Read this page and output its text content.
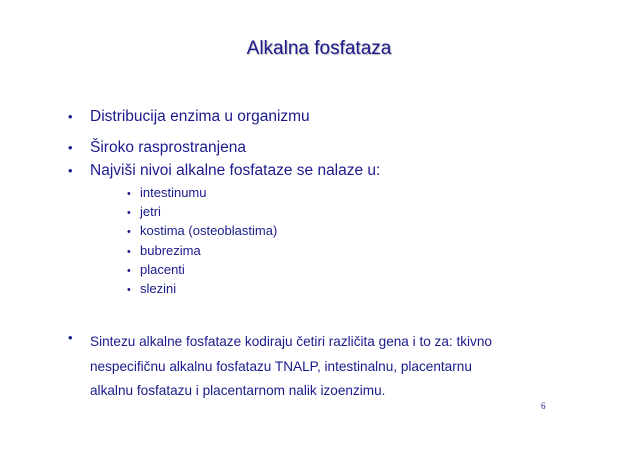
Alkalna fosfataza
•	Distribucija enzima u organizmu
•	Široko rasprostranjena
•	Najviši nivoi alkalne fosfataze se nalaze u:
• intestinumu
• jetri
• kostima (osteoblastima)
• bubrezima
• placenti
• slezini
• Sintezu alkalne fosfataze kodiraju četiri različita gena i to za: tkivno
nespecifičnu alkalnu fosfatazu TNALP, intestinalnu, placentarnu
alkalnu fosfatazu i placentarnom nalik izoenzimu.

6
